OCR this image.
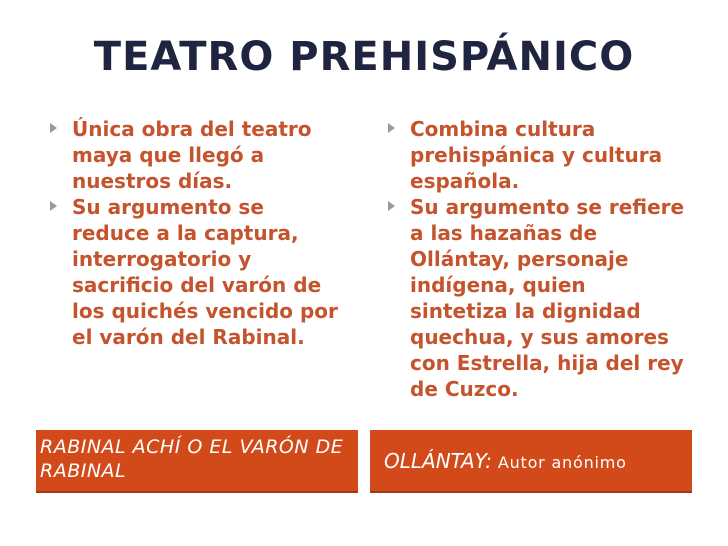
TEATRO PREHISPÁNICO
Única obra del teatro maya que llegó a nuestros días.
Su argumento se reduce a la captura, interrogatorio y sacrificio del varón de los quichés vencido por el varón del Rabinal.
Combina cultura prehispánica y cultura española.
Su argumento se refiere a las hazañas de Ollántay, personaje indígena, quien sintetiza la dignidad quechua, y sus amores con Estrella, hija del rey de Cuzco.
RABINAL ACHÍ O EL VARÓN DE RABINAL	OLLÁNTAY: Autor anónimo
